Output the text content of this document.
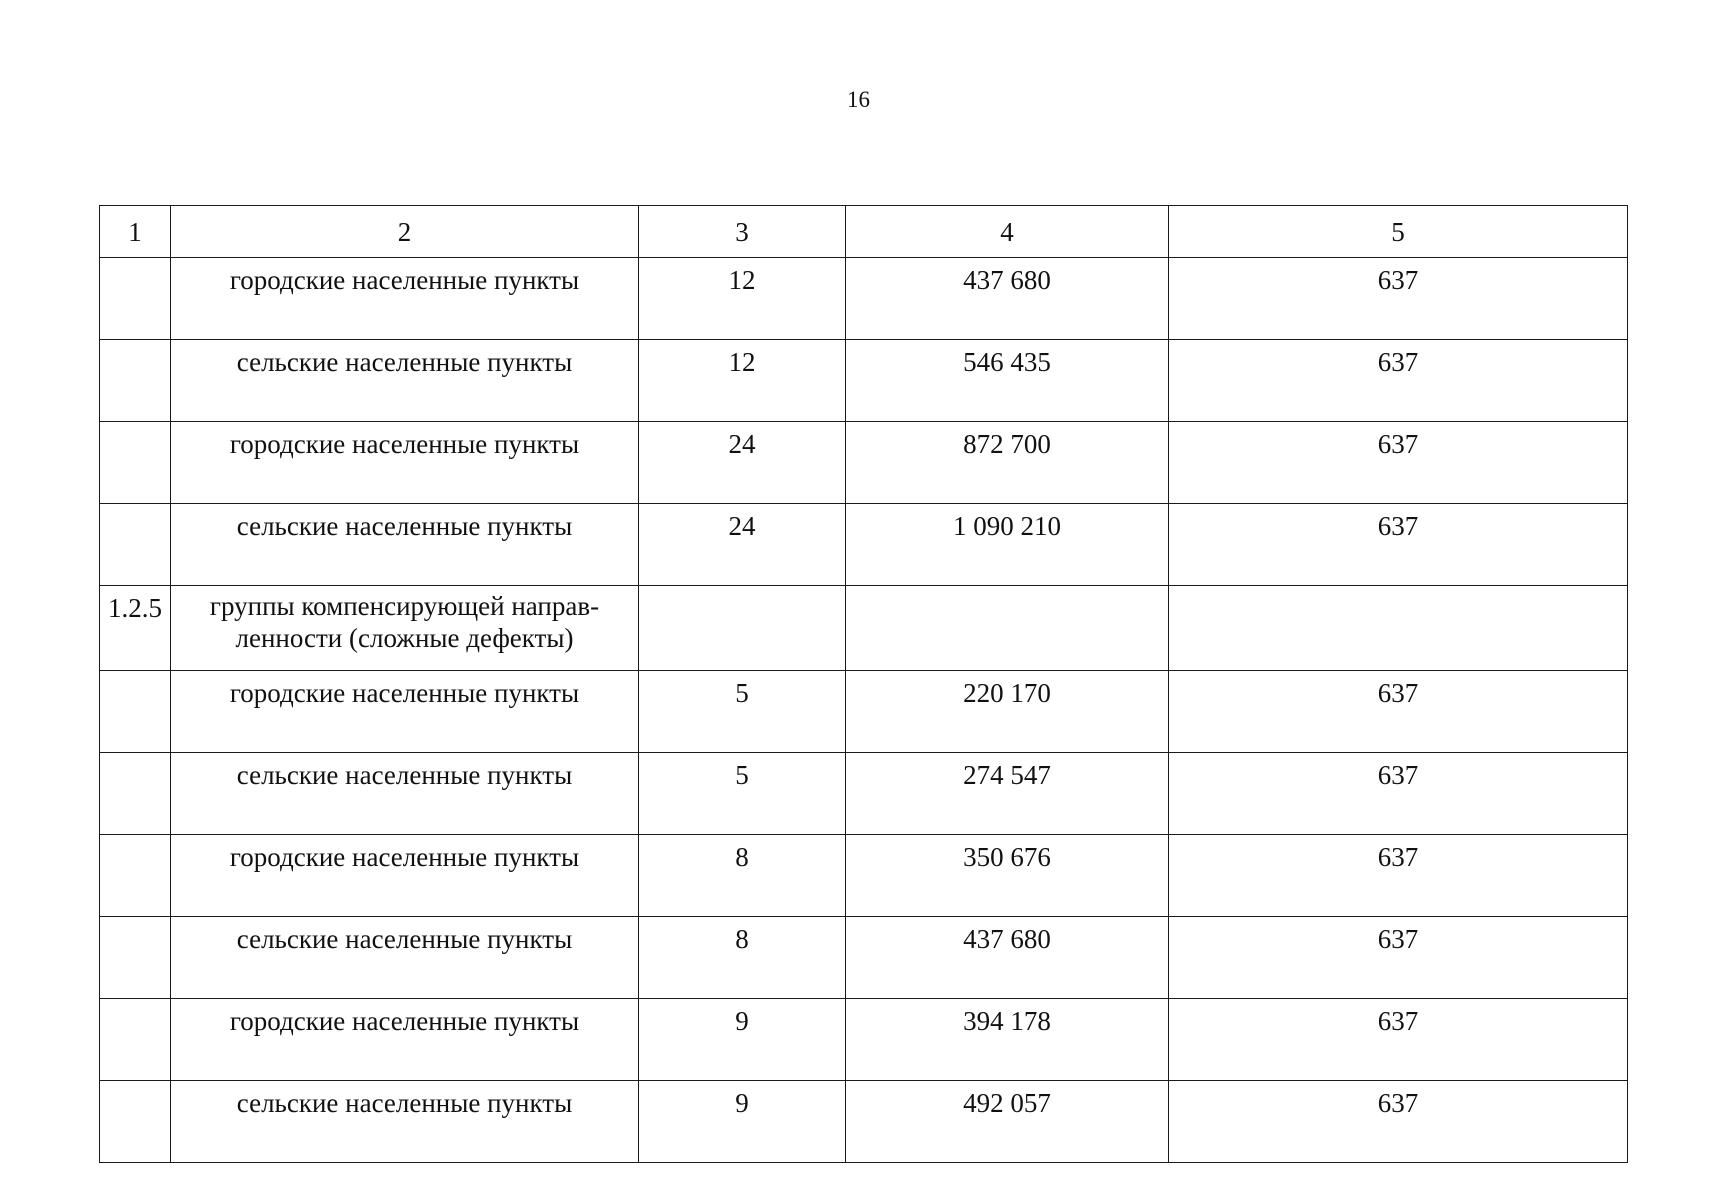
16
1	2	3	4	5
	городские населенные пункты	12	437 680	637
	сельские населенные пункты	12	546 435	637
	городские населенные пункты	24	872 700	637
	сельские населенные пункты	24	1 090 210	637
1.2.5	группы компенсирующей направ-
ленности (сложные дефекты)			

	городские населенные пункты	5	220 170	637
	сельские населенные пункты	5	274 547	637
	городские населенные пункты	8	350 676	637
	сельские населенные пункты	8	437 680	637
	городские населенные пункты	9	394 178	637
	сельские населенные пункты	9	492 057	637
